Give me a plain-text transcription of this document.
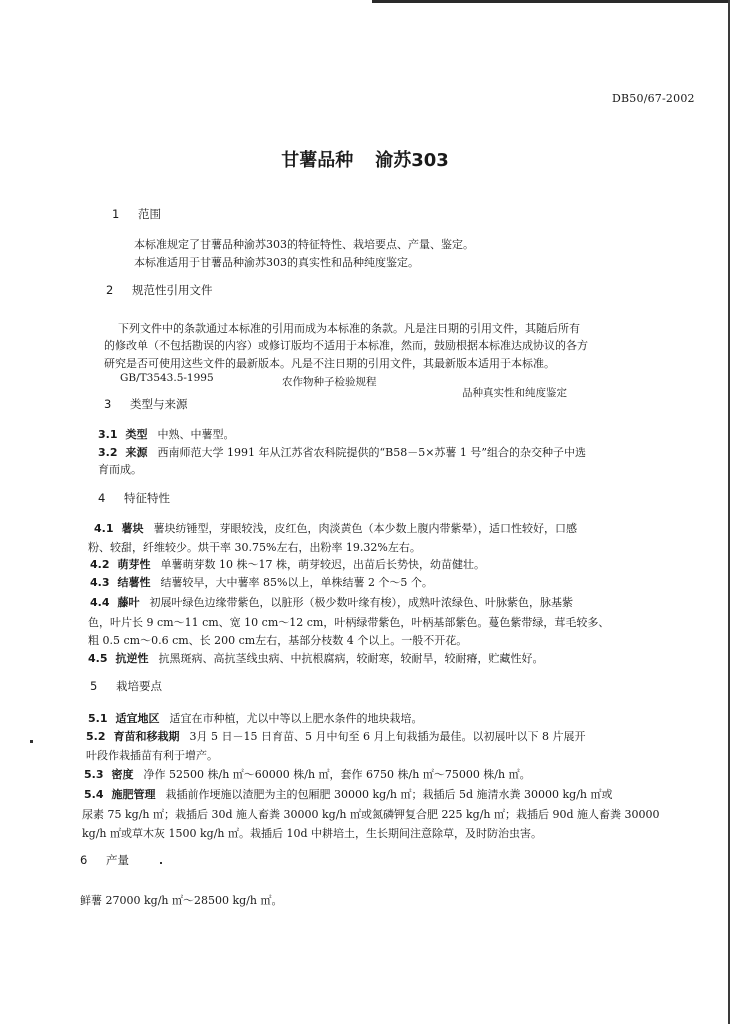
DB50/67-2002
甘薯品种 渝苏303
1 范围
本标准规定了甘薯品种渝苏303的特征特性、栽培要点、产量、鉴定。
本标准适用于甘薯品种渝苏303的真实性和品种纯度鉴定。
2 规范性引用文件
下列文件中的条款通过本标准的引用而成为本标准的条款。凡是注日期的引用文件，其随后所有
的修改单（不包括勘误的内容）或修订版均不适用于本标准，然而，鼓励根据本标准达成协议的各方
研究是否可使用这些文件的最新版本。凡是不注日期的引用文件，其最新版本适用于本标准。
GB/T3543.5-1995	农作物种子检验规程
品种真实性和纯度鉴定
3 类型与来源
3.1 类型 中熟、中薯型。
3.2 来源 西南师范大学 1991 年从江苏省农科院提供的“B58－5×苏薯 1 号”组合的杂交种子中选
育而成。
4 特征特性
4.1 薯块 薯块纺锤型，芽眼较浅，皮红色，肉淡黄色（本少数上腹内带紫晕），适口性较好，口感
粉、较甜，纤维较少。烘干率 30.75%左右，出粉率 19.32%左右。
4.2 萌芽性 单薯萌芽数 10 株～17 株，萌芽较迟，出苗后长势快，幼苗健壮。
4.3 结薯性 结薯较早，大中薯率 85%以上，单株结薯 2 个～5 个。
4.4 藤叶 初展叶绿色边缘带紫色，以脏形（极少数叶缘有梭），成熟叶浓绿色、叶脉紫色，脉基紫
色，叶片长 9 cm～11 cm、宽 10 cm～12 cm，叶柄绿带紫色，叶柄基部紫色。蔓色紫带绿，茸毛较多、
粗 0.5 cm～0.6 cm、长 200 cm左右，基部分枝数 4 个以上。一般不开花。
4.5 抗逆性 抗黑斑病、高抗茎线虫病、中抗根腐病，较耐寒，较耐旱，较耐瘠，贮藏性好。
5 栽培要点
5.1 适宜地区 适宜在市种植，尤以中等以上肥水条件的地块栽培。
5.2 育苗和移栽期 3月 5 日－15 日育苗、5 月中旬至 6 月上旬栽插为最佳。以初展叶以下 8 片展开
叶段作栽插苗有利于增产。
5.3 密度 净作 52500 株/h ㎡～60000 株/h ㎡，套作 6750 株/h ㎡～75000 株/h ㎡。
5.4 施肥管理 栽插前作埂施以渣肥为主的包厢肥 30000 kg/h ㎡；栽插后 5d 施清水粪 30000 kg/h ㎡或
尿素 75 kg/h ㎡；栽插后 30d 施人畜粪 30000 kg/h ㎡或氮磷钾复合肥 225 kg/h ㎡；栽插后 90d 施人畜粪 30000
kg/h ㎡或草木灰 1500 kg/h ㎡。栽插后 10d 中耕培土，生长期间注意除草，及时防治虫害。
6 产量
鲜薯 27000 kg/h ㎡～28500 kg/h ㎡。
